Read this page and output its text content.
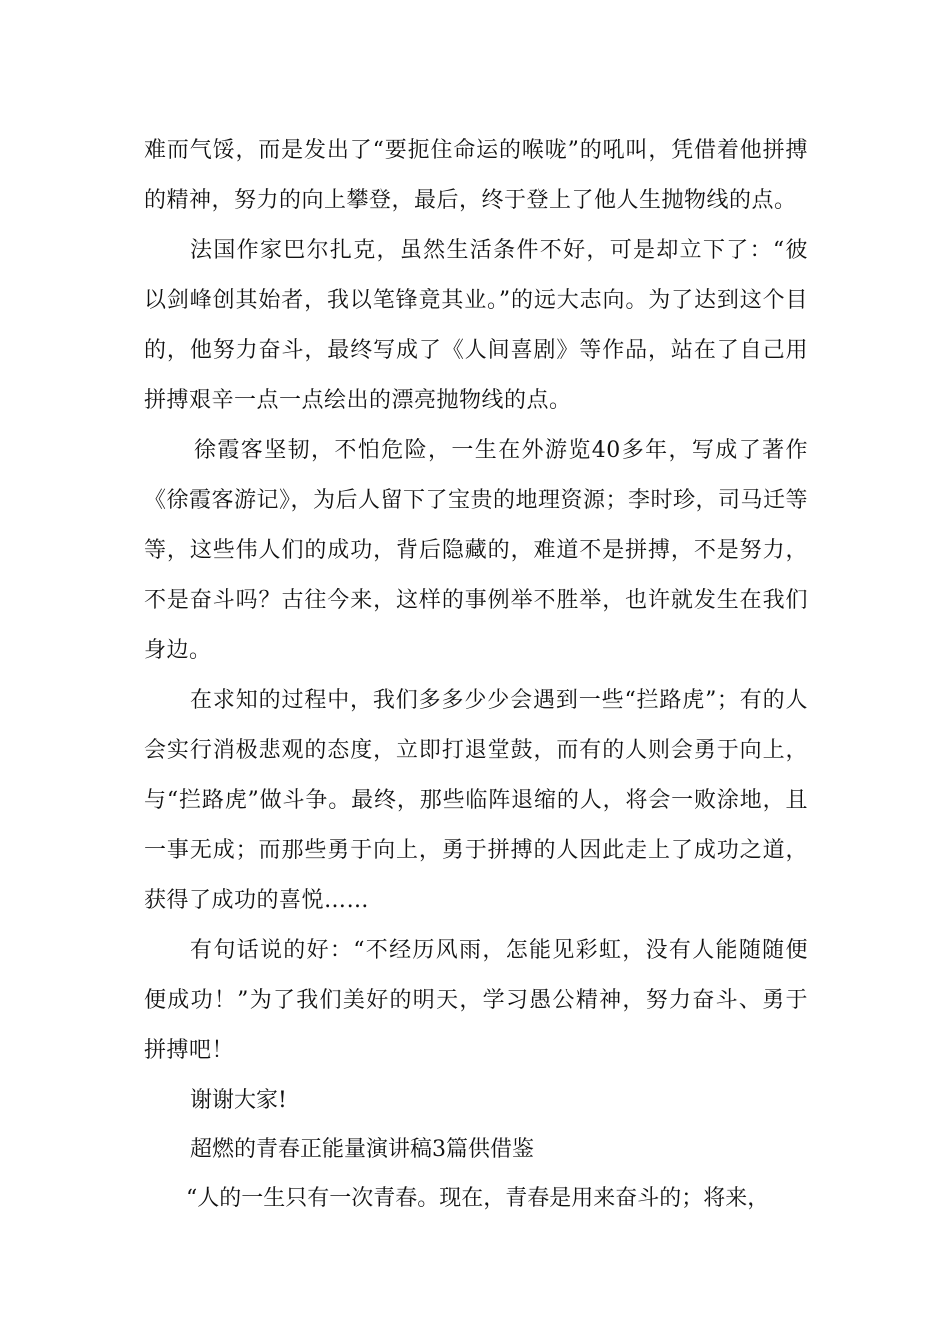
难而气馁，而是发出了“要扼住命运的喉咙”的吼叫，凭借着他拼搏的精神，努力的向上攀登，最后，终于登上了他人生抛物线的点。

法国作家巴尔扎克，虽然生活条件不好，可是却立下了：“彼以剑峰创其始者，我以笔锋竟其业。”的远大志向。为了达到这个目的，他努力奋斗，最终写成了《人间喜剧》等作品，站在了自己用拼搏艰辛一点一点绘出的漂亮抛物线的点。

徐霞客坚韧，不怕危险，一生在外游览40多年，写成了著作《徐霞客游记》，为后人留下了宝贵的地理资源；李时珍，司马迁等等，这些伟人们的成功，背后隐藏的，难道不是拼搏，不是努力，不是奋斗吗？古往今来，这样的事例举不胜举，也许就发生在我们身边。

在求知的过程中，我们多多少少会遇到一些“拦路虎”；有的人会实行消极悲观的态度，立即打退堂鼓，而有的人则会勇于向上，与“拦路虎”做斗争。最终，那些临阵退缩的人，将会一败涂地，且一事无成；而那些勇于向上，勇于拼搏的人因此走上了成功之道，获得了成功的喜悦……

有句话说的好：“不经历风雨，怎能见彩虹，没有人能随随便便成功！”为了我们美好的明天，学习愚公精神，努力奋斗、勇于拼搏吧！

谢谢大家!

超燃的青春正能量演讲稿3篇供借鉴

“人的一生只有一次青春。现在，青春是用来奋斗的；将来，
